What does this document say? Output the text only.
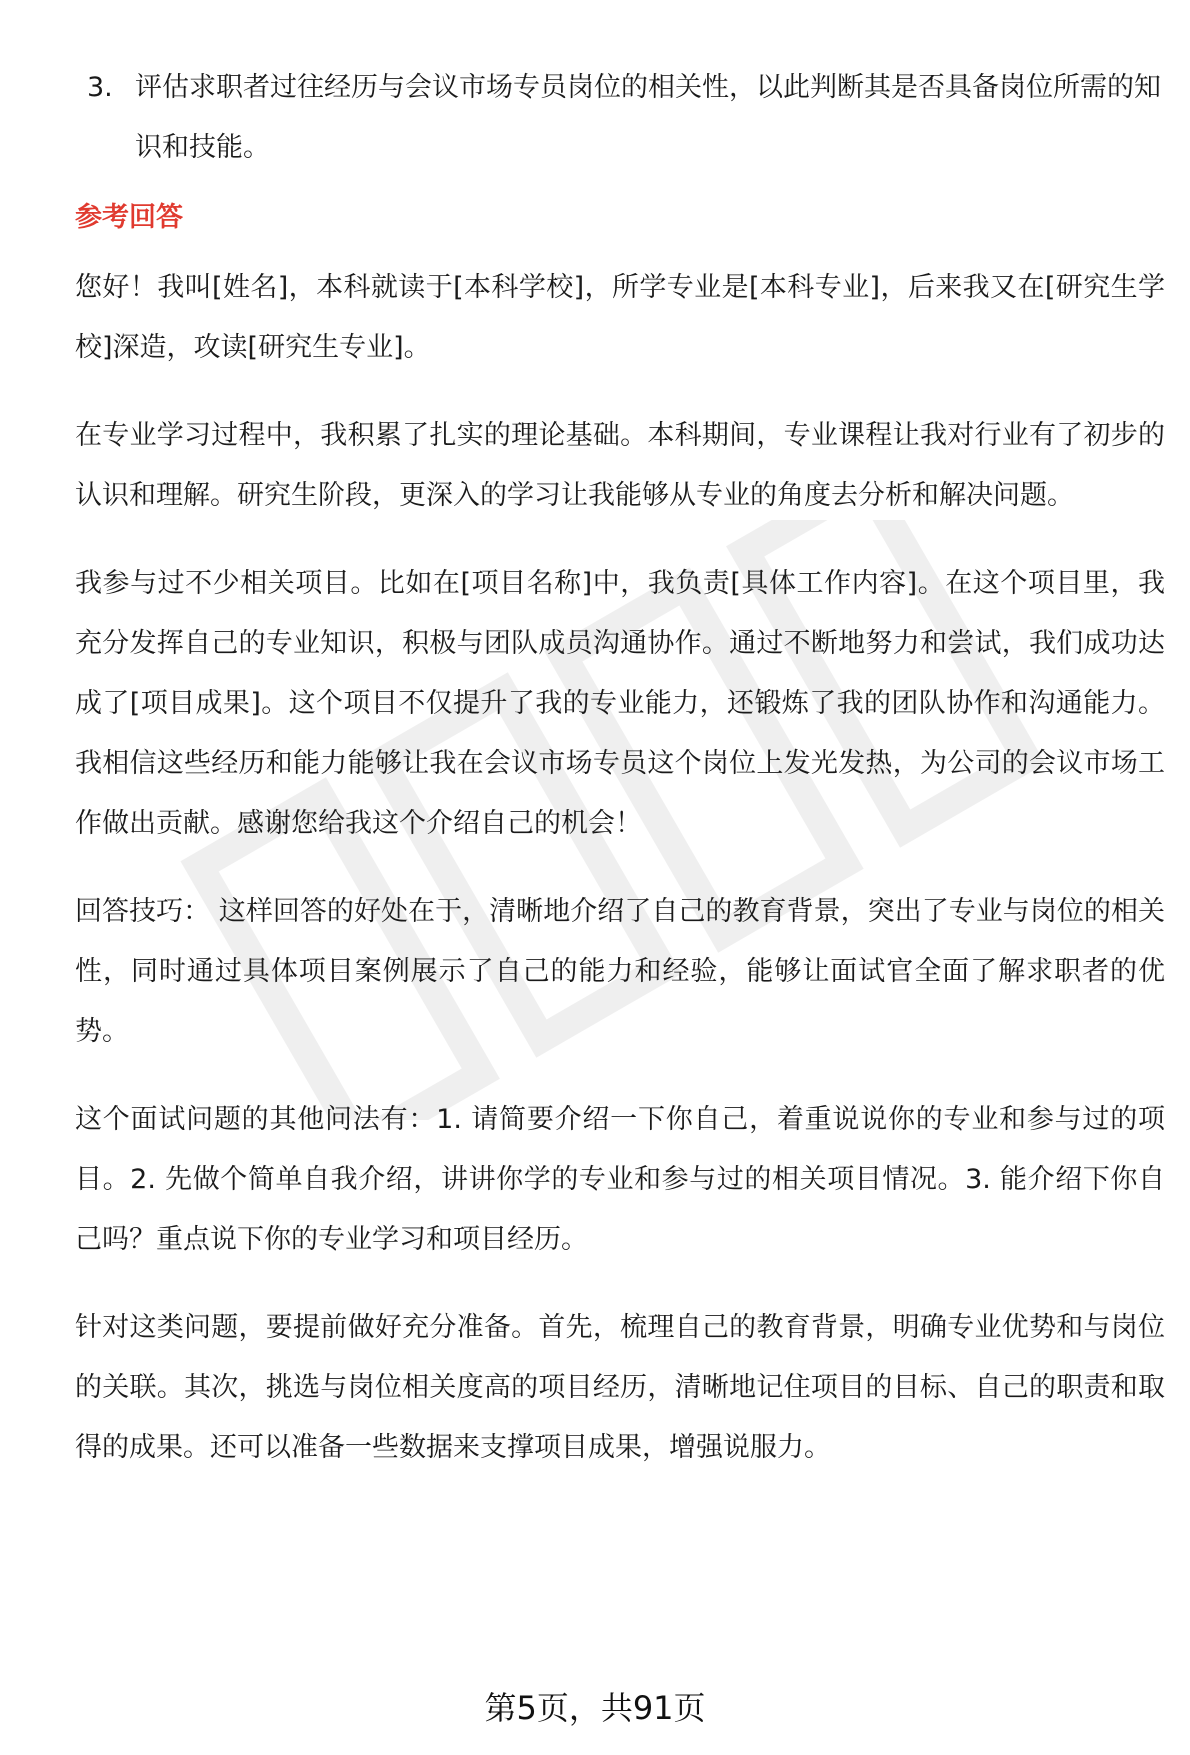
3. 评估求职者过往经历与会议市场专员岗位的相关性，以此判断其是否具备岗位所需的知识和技能。
参考回答

您好！我叫[姓名]，本科就读于[本科学校]，所学专业是[本科专业]，后来我又在[研究生学校]深造，攻读[研究生专业]。

在专业学习过程中，我积累了扎实的理论基础。本科期间，专业课程让我对行业有了初步的认识和理解。研究生阶段，更深入的学习让我能够从专业的角度去分析和解决问题。

我参与过不少相关项目。比如在[项目名称]中，我负责[具体工作内容]。在这个项目里，我充分发挥自己的专业知识，积极与团队成员沟通协作。通过不断地努力和尝试，我们成功达成了[项目成果]。这个项目不仅提升了我的专业能力，还锻炼了我的团队协作和沟通能力。我相信这些经历和能力能够让我在会议市场专员这个岗位上发光发热，为公司的会议市场工作做出贡献。感谢您给我这个介绍自己的机会！

回答技巧： 这样回答的好处在于，清晰地介绍了自己的教育背景，突出了专业与岗位的相关性，同时通过具体项目案例展示了自己的能力和经验，能够让面试官全面了解求职者的优势。

这个面试问题的其他问法有：1. 请简要介绍一下你自己，着重说说你的专业和参与过的项目。2. 先做个简单自我介绍，讲讲你学的专业和参与过的相关项目情况。3. 能介绍下你自己吗？重点说下你的专业学习和项目经历。

针对这类问题，要提前做好充分准备。首先，梳理自己的教育背景，明确专业优势和与岗位的关联。其次，挑选与岗位相关度高的项目经历，清晰地记住项目的目标、自己的职责和取得的成果。还可以准备一些数据来支撑项目成果，增强说服力。

第5页，共91页
